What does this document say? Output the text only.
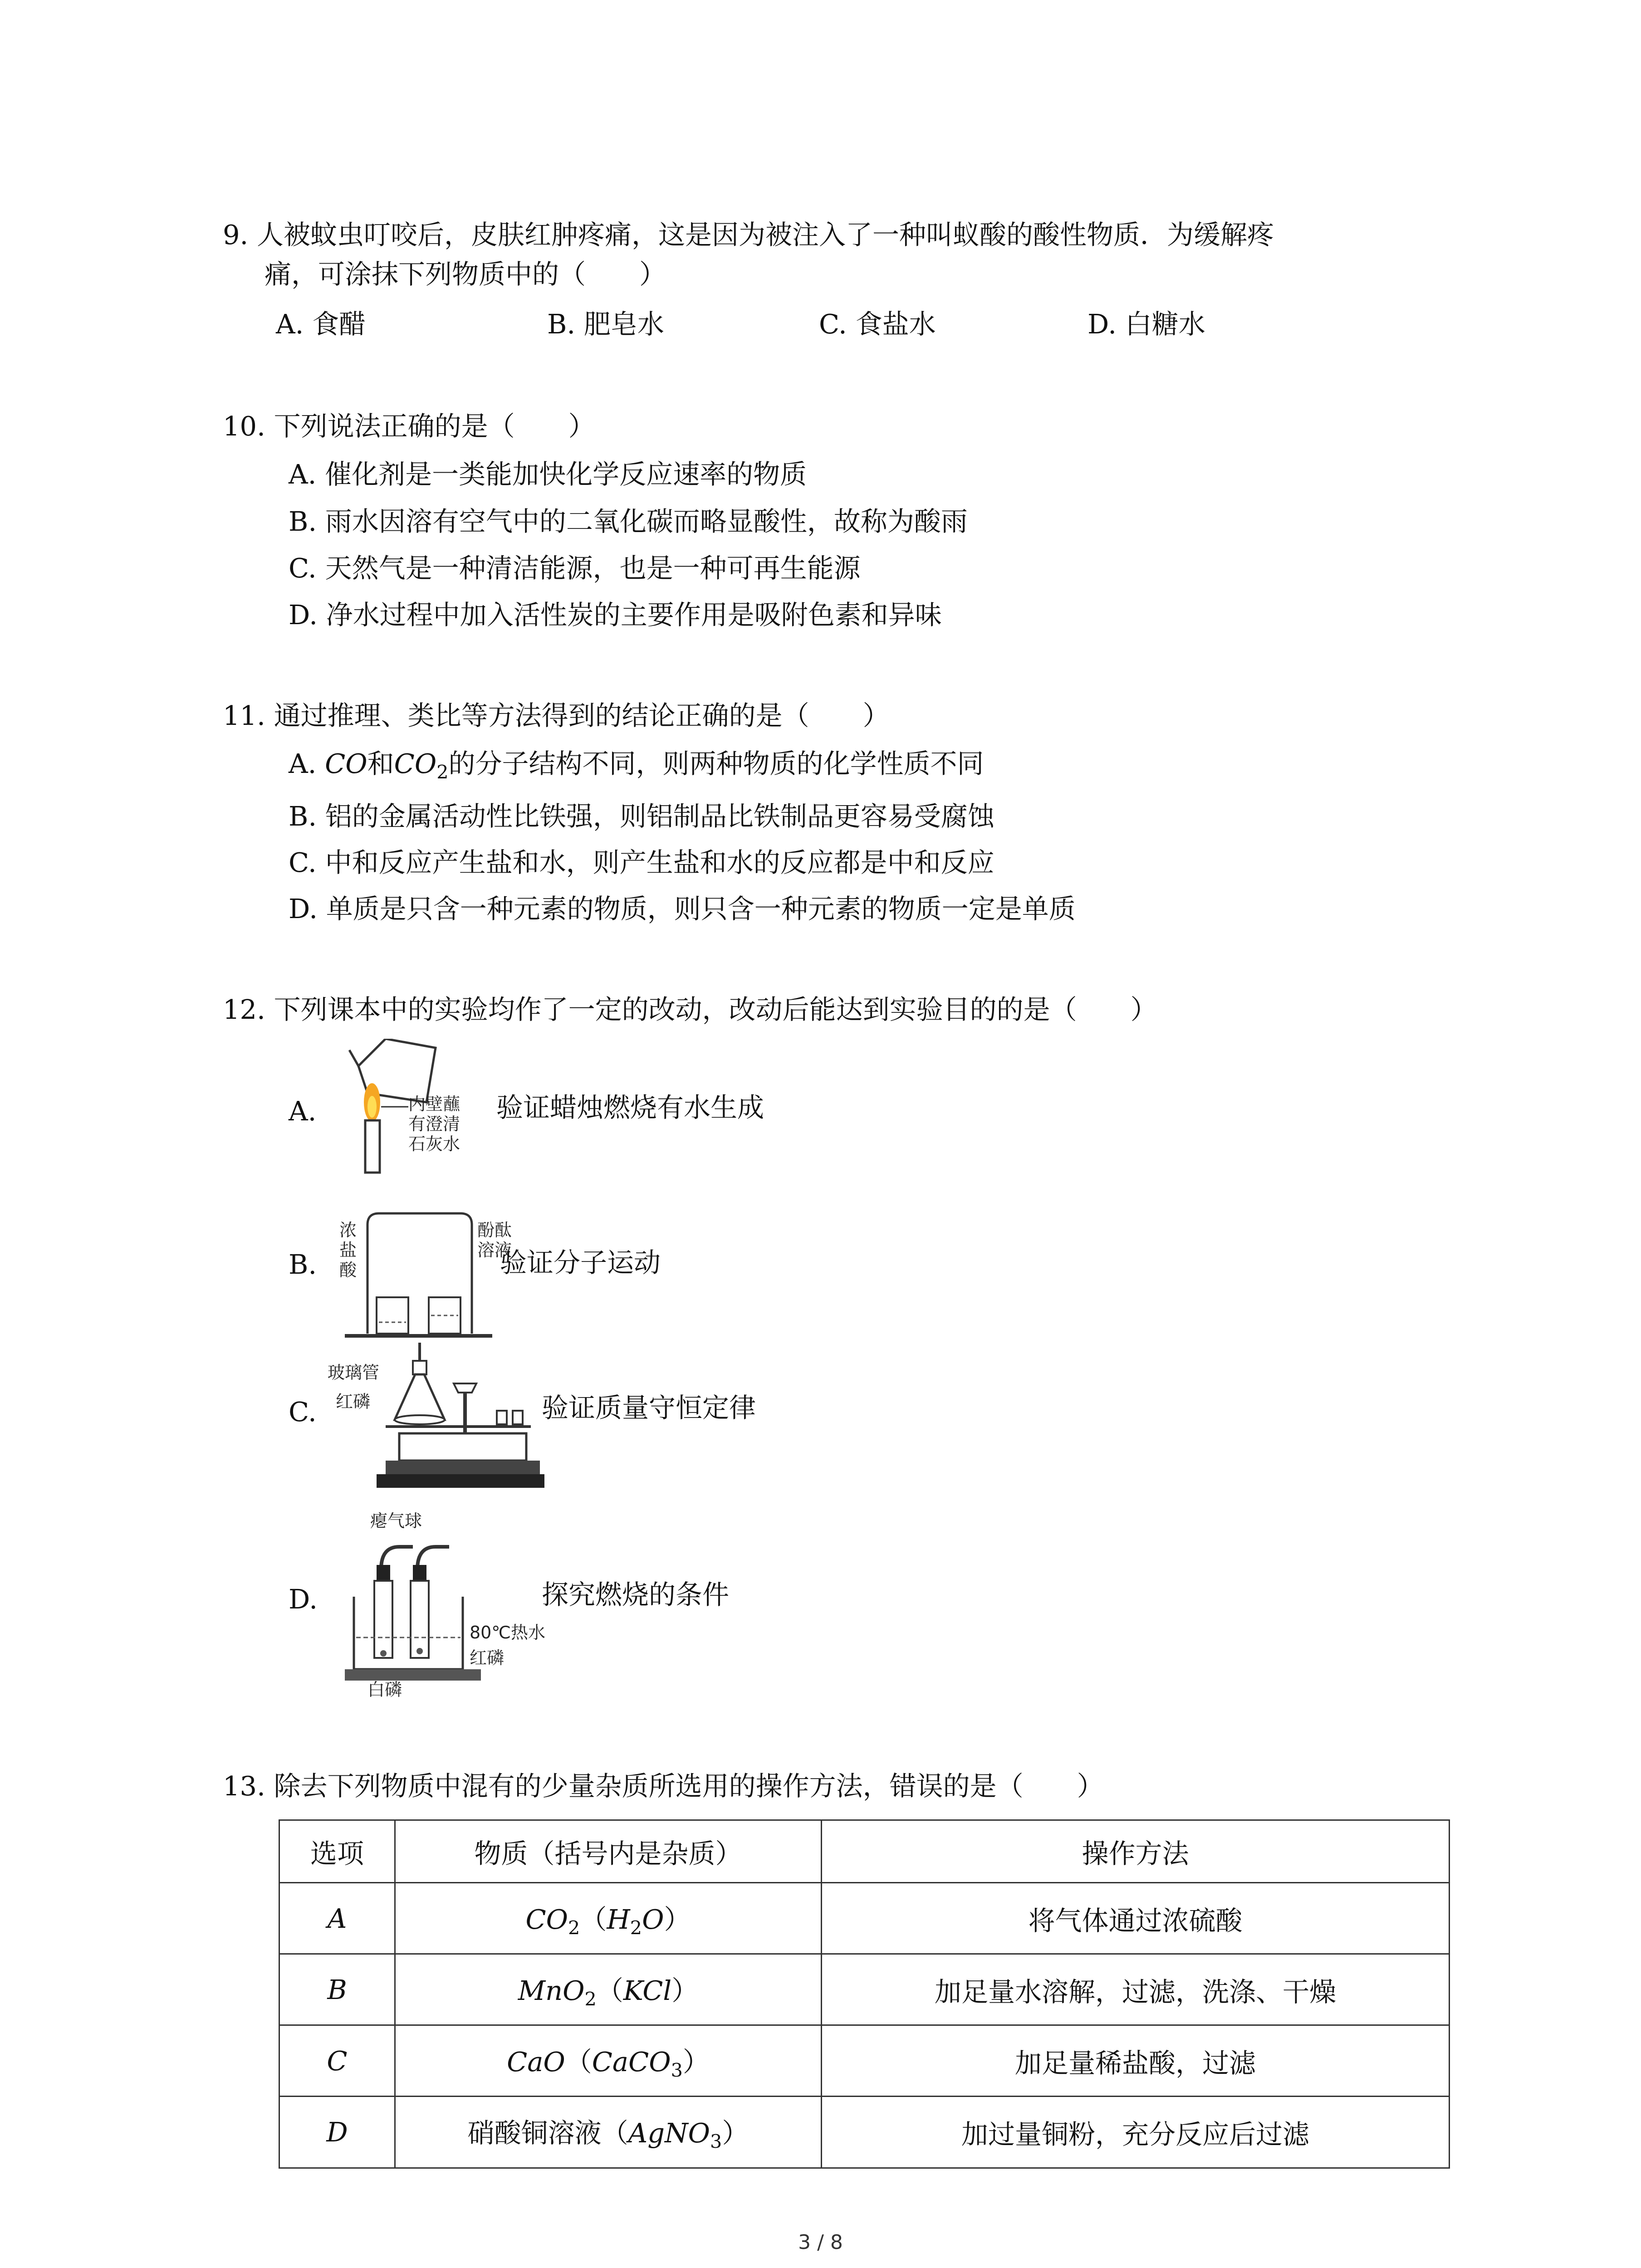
9. 人被蚊虫叮咬后，皮肤红肿疼痛，这是因为被注入了一种叫蚁酸的酸性物质．为缓解疼
痛，可涂抹下列物质中的（　　）
A. 食醋	B. 肥皂水	C. 食盐水	D. 白糖水
10. 下列说法正确的是（　　）
A. 催化剂是一类能加快化学反应速率的物质
B. 雨水因溶有空气中的二氧化碳而略显酸性，故称为酸雨
C. 天然气是一种清洁能源，也是一种可再生能源
D. 净水过程中加入活性炭的主要作用是吸附色素和异味
11. 通过推理、类比等方法得到的结论正确的是（　　）
A. CO和$CO_2$的分子结构不同，则两种物质的化学性质不同
B. 铝的金属活动性比铁强，则铝制品比铁制品更容易受腐蚀
C. 中和反应产生盐和水，则产生盐和水的反应都是中和反应
D. 单质是只含一种元素的物质，则只含一种元素的物质一定是单质
12. 下列课本中的实验均作了一定的改动，改动后能达到实验目的的是（　　）
A.	内壁蘸
有澄清
石灰水
验证蜡烛燃烧有水生成
B.
浓
盐
酸
酚酞
溶液
验证分子运动
C.
玻璃管
红磷	验证质量守恒定律
D.
瘪气球
80℃热水
红磷
白磷
探究燃烧的条件
13. 除去下列物质中混有的少量杂质所选用的操作方法，错误的是（　　）
选项	物质（括号内是杂质）	操作方法
A	$CO_2(H_2O)$	将气体通过浓硫酸
B	MnO$_2$（KCl）	加足量水溶解，过滤，洗涤、干燥
C	CaO（CaCO$_3$）	加足量稀盐酸，过滤
D	硝酸铜溶液（AgNO$_3$）	加过量铜粉，充分反应后过滤
3 / 8
